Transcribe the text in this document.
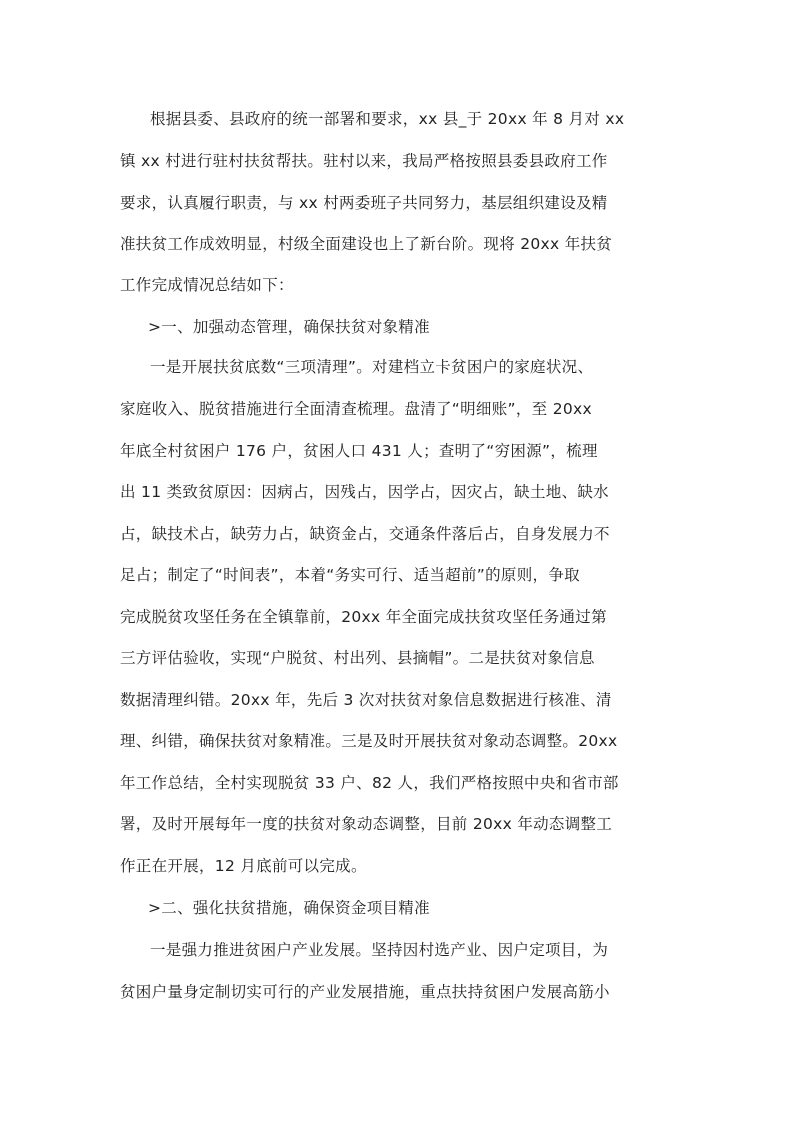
根据县委、县政府的统一部署和要求，xx 县_于 20xx 年 8 月对 xx
镇 xx 村进行驻村扶贫帮扶。驻村以来，我局严格按照县委县政府工作
要求，认真履行职责，与 xx 村两委班子共同努力，基层组织建设及精
准扶贫工作成效明显，村级全面建设也上了新台阶。现将 20xx 年扶贫
工作完成情况总结如下：
>一、加强动态管理，确保扶贫对象精准
一是开展扶贫底数“三项清理”。对建档立卡贫困户的家庭状况、
家庭收入、脱贫措施进行全面清查梳理。盘清了“明细账”，至 20xx
年底全村贫困户 176 户，贫困人口 431 人；查明了“穷困源”，梳理
出 11 类致贫原因：因病占，因残占，因学占，因灾占，缺土地、缺水
占，缺技术占，缺劳力占，缺资金占，交通条件落后占，自身发展力不
足占；制定了“时间表”，本着“务实可行、适当超前”的原则，争取
完成脱贫攻坚任务在全镇靠前，20xx 年全面完成扶贫攻坚任务通过第
三方评估验收，实现“户脱贫、村出列、县摘帽”。二是扶贫对象信息
数据清理纠错。20xx 年，先后 3 次对扶贫对象信息数据进行核准、清
理、纠错，确保扶贫对象精准。三是及时开展扶贫对象动态调整。20xx
年工作总结，全村实现脱贫 33 户、82 人，我们严格按照中央和省市部
署，及时开展每年一度的扶贫对象动态调整，目前 20xx 年动态调整工
作正在开展，12 月底前可以完成。
>二、强化扶贫措施，确保资金项目精准
一是强力推进贫困户产业发展。坚持因村选产业、因户定项目，为
贫困户量身定制切实可行的产业发展措施，重点扶持贫困户发展高筋小
